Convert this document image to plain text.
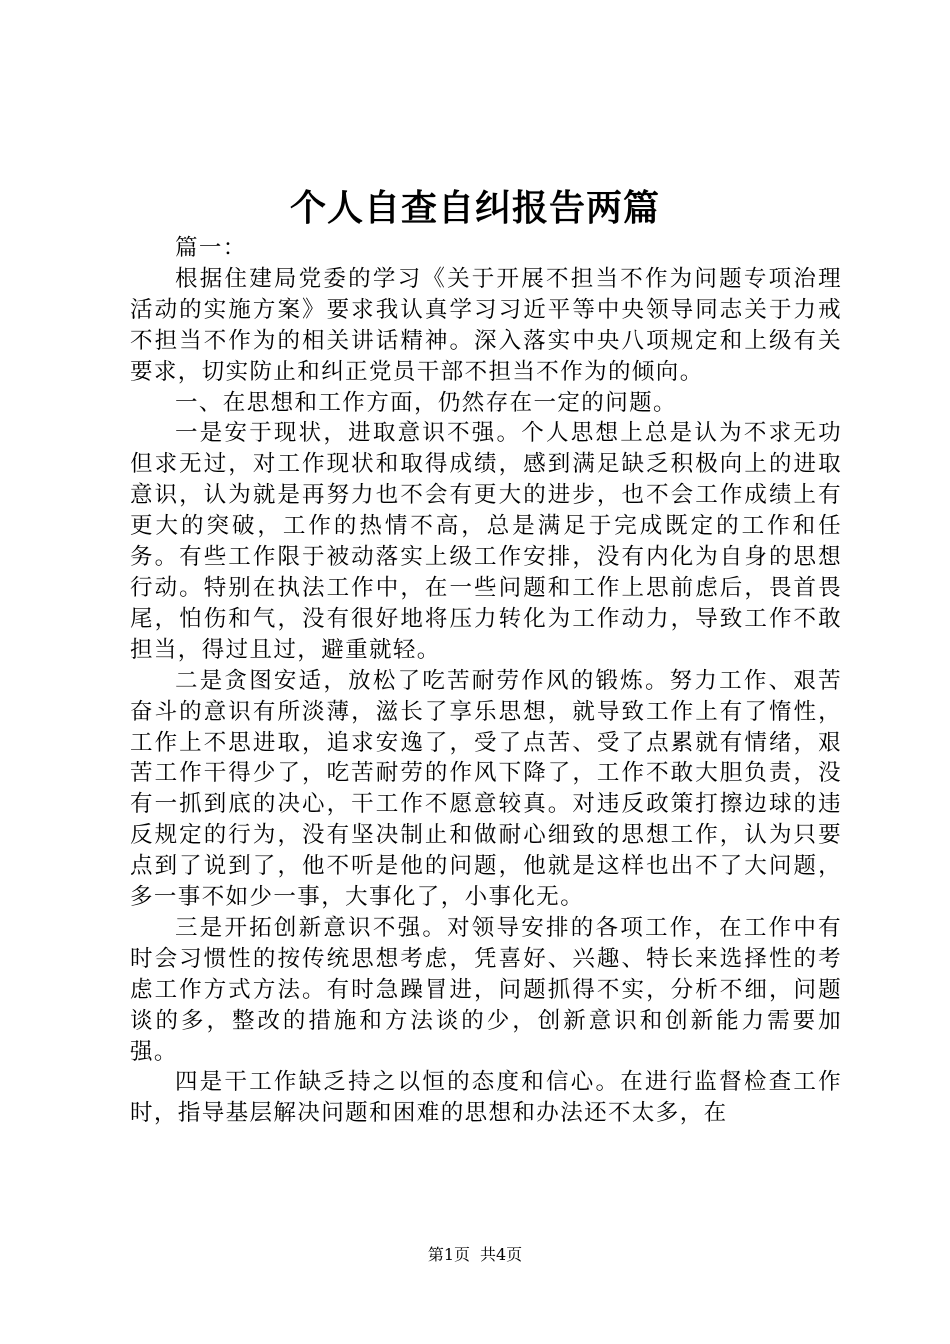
个人自查自纠报告两篇

篇一：

根据住建局党委的学习《关于开展不担当不作为问题专项治理活动的实施方案》要求我认真学习习近平等中央领导同志关于力戒不担当不作为的相关讲话精神。深入落实中央八项规定和上级有关要求，切实防止和纠正党员干部不担当不作为的倾向。

一、在思想和工作方面，仍然存在一定的问题。

一是安于现状，进取意识不强。个人思想上总是认为不求无功但求无过，对工作现状和取得成绩，感到满足缺乏积极向上的进取意识，认为就是再努力也不会有更大的进步，也不会工作成绩上有更大的突破，工作的热情不高，总是满足于完成既定的工作和任务。有些工作限于被动落实上级工作安排，没有内化为自身的思想行动。特别在执法工作中，在一些问题和工作上思前虑后，畏首畏尾，怕伤和气，没有很好地将压力转化为工作动力，导致工作不敢担当，得过且过，避重就轻。

二是贪图安适，放松了吃苦耐劳作风的锻炼。努力工作、艰苦奋斗的意识有所淡薄，滋长了享乐思想，就导致工作上有了惰性，工作上不思进取，追求安逸了，受了点苦、受了点累就有情绪，艰苦工作干得少了，吃苦耐劳的作风下降了，工作不敢大胆负责，没有一抓到底的决心，干工作不愿意较真。对违反政策打擦边球的违反规定的行为，没有坚决制止和做耐心细致的思想工作，认为只要点到了说到了，他不听是他的问题，他就是这样也出不了大问题，多一事不如少一事，大事化了，小事化无。

三是开拓创新意识不强。对领导安排的各项工作，在工作中有时会习惯性的按传统思想考虑，凭喜好、兴趣、特长来选择性的考虑工作方式方法。有时急躁冒进，问题抓得不实，分析不细，问题谈的多，整改的措施和方法谈的少，创新意识和创新能力需要加强。

四是干工作缺乏持之以恒的态度和信心。在进行监督检查工作时，指导基层解决问题和困难的思想和办法还不太多，在

第1页 共4页
